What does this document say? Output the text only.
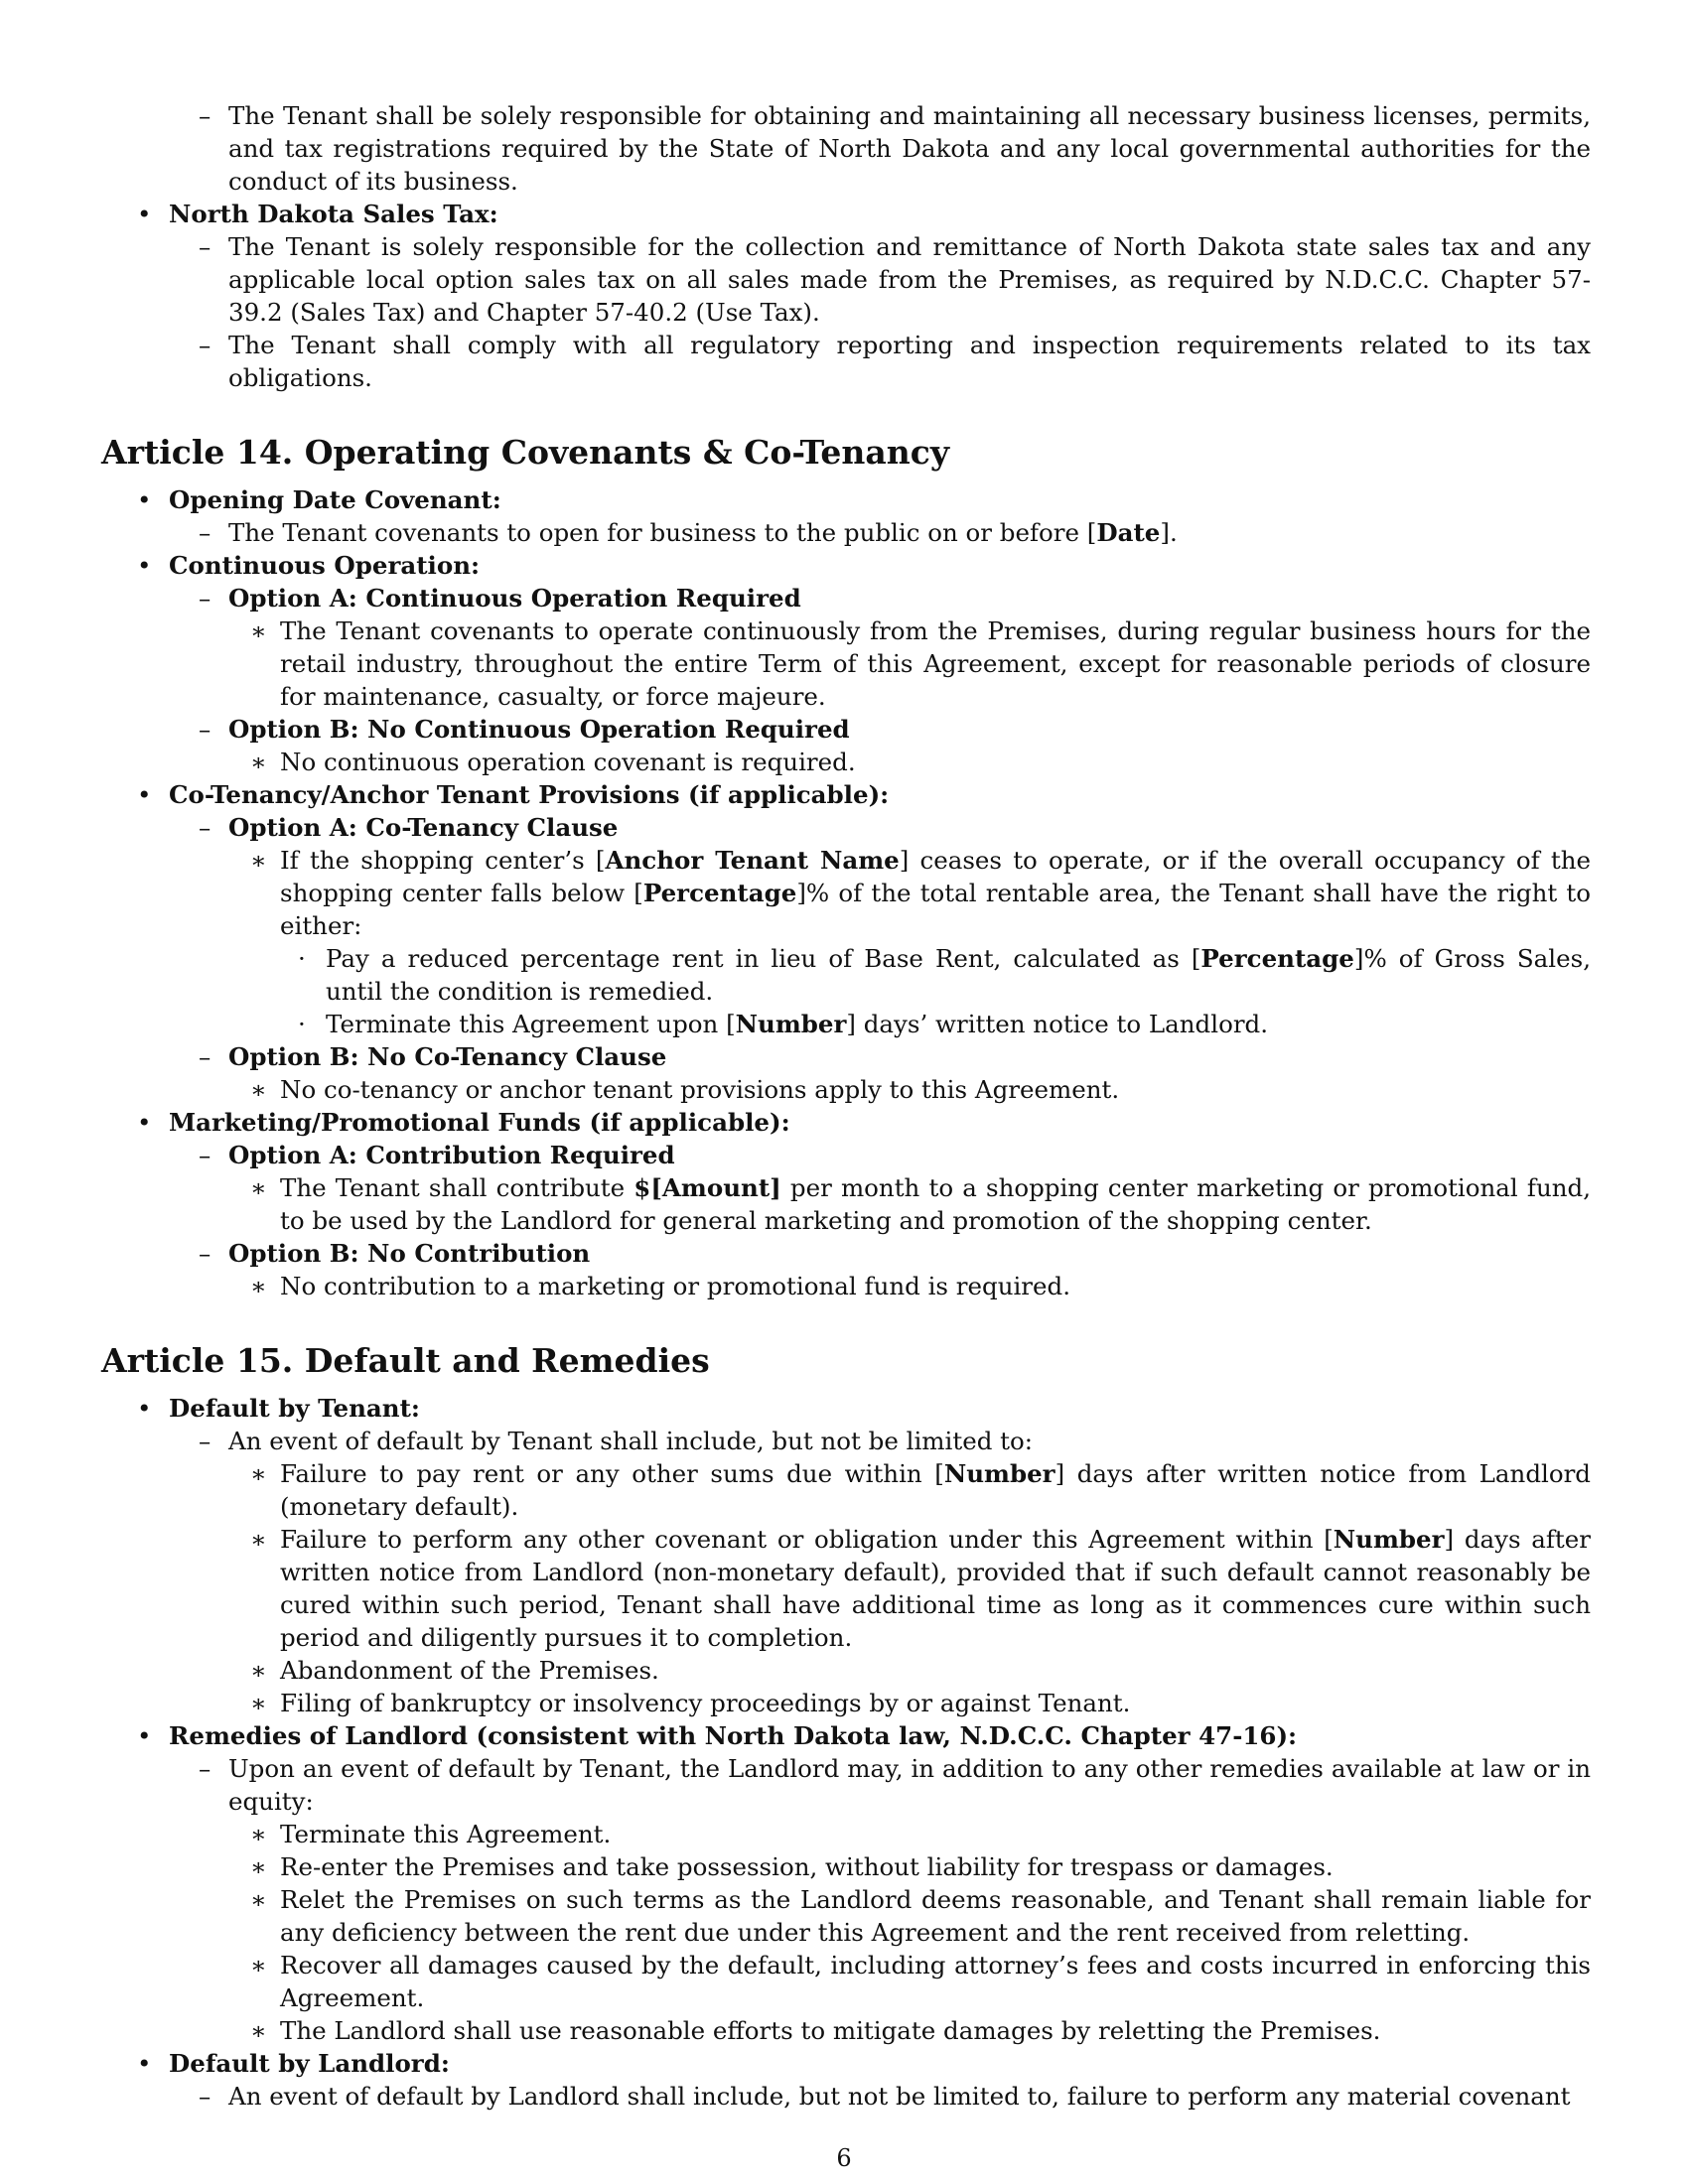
– The Tenant shall be solely responsible for obtaining and maintaining all necessary business licenses, permits, and tax registrations required by the State of North Dakota and any local governmental authorities for the conduct of its business.
• North Dakota Sales Tax:
– The Tenant is solely responsible for the collection and remittance of North Dakota state sales tax and any applicable local option sales tax on all sales made from the Premises, as required by N.D.C.C. Chapter 57-39.2 (Sales Tax) and Chapter 57-40.2 (Use Tax).
– The Tenant shall comply with all regulatory reporting and inspection requirements related to its tax obligations.
Article 14. Operating Covenants & Co-Tenancy
• Opening Date Covenant:
– The Tenant covenants to open for business to the public on or before [Date].
• Continuous Operation:
– Option A: Continuous Operation Required
∗ The Tenant covenants to operate continuously from the Premises, during regular business hours for the retail industry, throughout the entire Term of this Agreement, except for reasonable periods of closure for maintenance, casualty, or force majeure.
– Option B: No Continuous Operation Required
∗ No continuous operation covenant is required.
• Co-Tenancy/Anchor Tenant Provisions (if applicable):
– Option A: Co-Tenancy Clause
∗ If the shopping center’s [Anchor Tenant Name] ceases to operate, or if the overall occupancy of the shopping center falls below [Percentage]% of the total rentable area, the Tenant shall have the right to either:
· Pay a reduced percentage rent in lieu of Base Rent, calculated as [Percentage]% of Gross Sales, until the condition is remedied.
· Terminate this Agreement upon [Number] days’ written notice to Landlord.
– Option B: No Co-Tenancy Clause
∗ No co-tenancy or anchor tenant provisions apply to this Agreement.
• Marketing/Promotional Funds (if applicable):
– Option A: Contribution Required
∗ The Tenant shall contribute $[Amount] per month to a shopping center marketing or promotional fund, to be used by the Landlord for general marketing and promotion of the shopping center.
– Option B: No Contribution
∗ No contribution to a marketing or promotional fund is required.
Article 15. Default and Remedies
• Default by Tenant:
– An event of default by Tenant shall include, but not be limited to:
∗ Failure to pay rent or any other sums due within [Number] days after written notice from Landlord (monetary default).
∗ Failure to perform any other covenant or obligation under this Agreement within [Number] days after written notice from Landlord (non-monetary default), provided that if such default cannot reasonably be cured within such period, Tenant shall have additional time as long as it commences cure within such period and diligently pursues it to completion.
∗ Abandonment of the Premises.
∗ Filing of bankruptcy or insolvency proceedings by or against Tenant.
• Remedies of Landlord (consistent with North Dakota law, N.D.C.C. Chapter 47-16):
– Upon an event of default by Tenant, the Landlord may, in addition to any other remedies available at law or in equity:
∗ Terminate this Agreement.
∗ Re-enter the Premises and take possession, without liability for trespass or damages.
∗ Relet the Premises on such terms as the Landlord deems reasonable, and Tenant shall remain liable for any deficiency between the rent due under this Agreement and the rent received from reletting.
∗ Recover all damages caused by the default, including attorney’s fees and costs incurred in enforcing this Agreement.
∗ The Landlord shall use reasonable efforts to mitigate damages by reletting the Premises.
• Default by Landlord:
– An event of default by Landlord shall include, but not be limited to, failure to perform any material covenant
6
